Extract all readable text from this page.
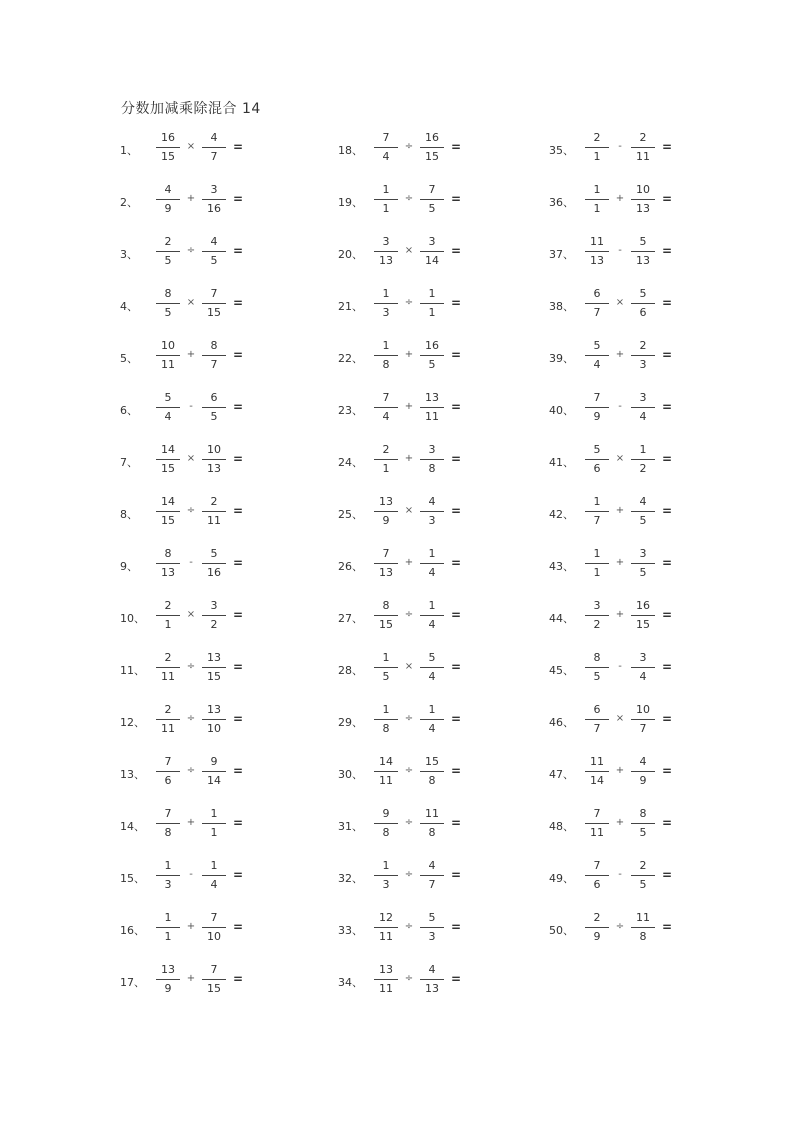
分数加减乘除混合 14
1、
16
15
×
4
7
=
2、
4
9
+
3
16
=
3、
2
5
÷
4
5
=
4、
8
5
×
7
15
=
5、
10
11
+
8
7
=
6、
5
4
-
6
5
=
7、
14
15
×
10
13
=
8、
14
15
÷
2
11
=
9、
8
13
-
5
16
=
10、
2
1
×
3
2
=
11、
2
11
÷
13
15
=
12、
2
11
÷
13
10
=
13、
7
6
÷
9
14
=
14、
7
8
+
1
1
=
15、
1
3
-
1
4
=
16、
1
1
+
7
10
=
17、
13
9
+
7
15
=
18、
7
4
÷
16
15
=
19、
1
1
÷
7
5
=
20、
3
13
×
3
14
=
21、
1
3
÷
1
1
=
22、
1
8
+
16
5
=
23、
7
4
+
13
11
=
24、
2
1
+
3
8
=
25、
13
9
×
4
3
=
26、
7
13
+
1
4
=
27、
8
15
÷
1
4
=
28、
1
5
×
5
4
=
29、
1
8
÷
1
4
=
30、
14
11
÷
15
8
=
31、
9
8
÷
11
8
=
32、
1
3
÷
4
7
=
33、
12
11
÷
5
3
=
34、
13
11
÷
4
13
=
35、
2
1
-
2
11
=
36、
1
1
+
10
13
=
37、
11
13
-
5
13
=
38、
6
7
×
5
6
=
39、
5
4
+
2
3
=
40、
7
9
-
3
4
=
41、
5
6
×
1
2
=
42、
1
7
+
4
5
=
43、
1
1
+
3
5
=
44、
3
2
+
16
15
=
45、
8
5
-
3
4
=
46、
6
7
×
10
7
=
47、
11
14
+
4
9
=
48、
7
11
+
8
5
=
49、
7
6
-
2
5
=
50、
2
9
÷
11
8
=
